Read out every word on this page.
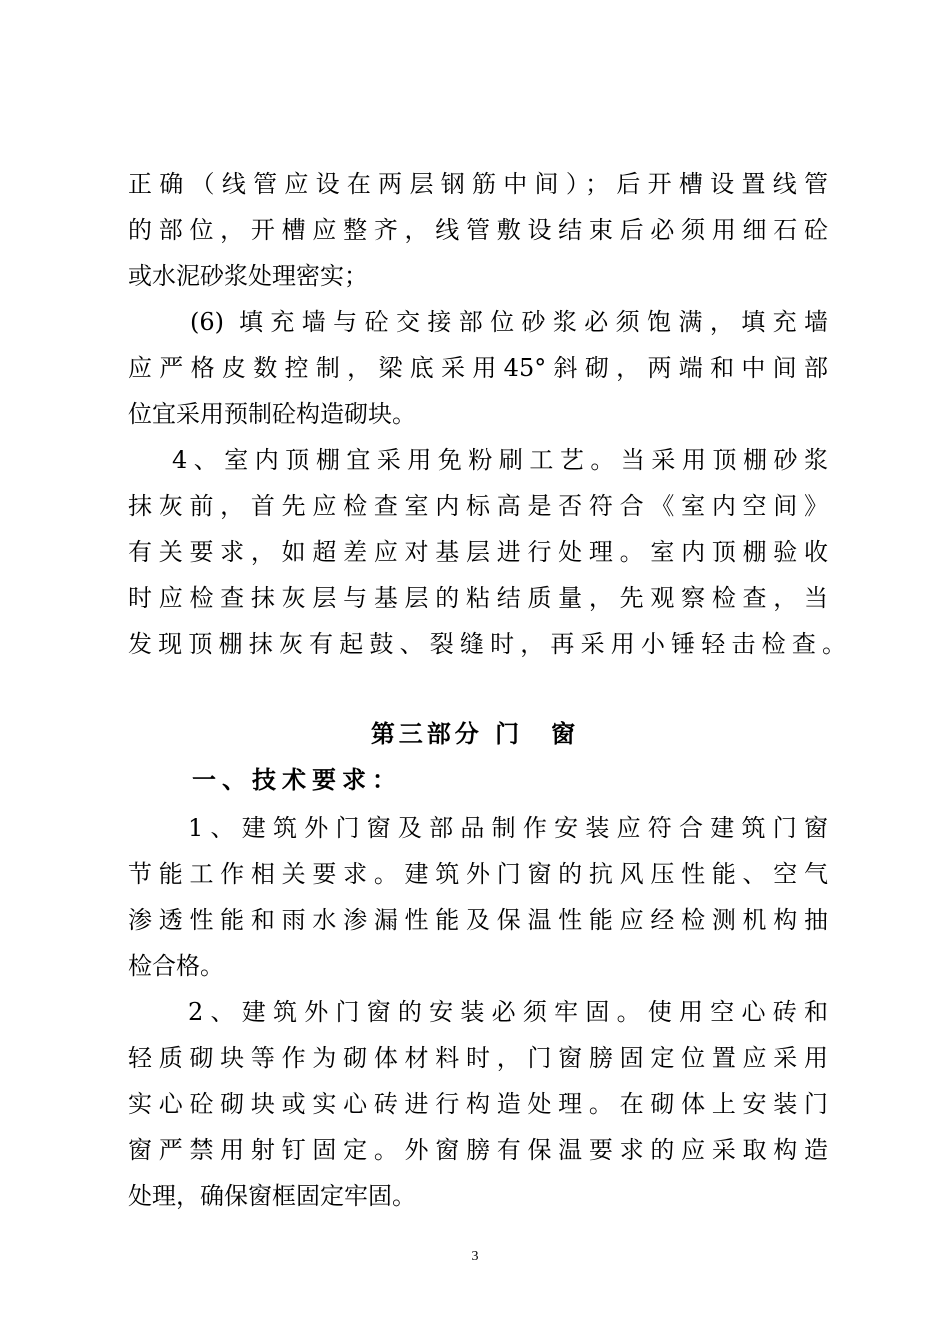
正确（线管应设在两层钢筋中间）；后开槽设置线管
的部位，开槽应整齐，线管敷设结束后必须用细石砼
或水泥砂浆处理密实；
(6) 填充墙与砼交接部位砂浆必须饱满，填充墙
应严格皮数控制，梁底采用45°斜砌，两端和中间部
位宜采用预制砼构造砌块。
4、室内顶棚宜采用免粉刷工艺。当采用顶棚砂浆
抹灰前，首先应检查室内标高是否符合《室内空间》
有关要求，如超差应对基层进行处理。室内顶棚验收
时应检查抹灰层与基层的粘结质量，先观察检查，当
发现顶棚抹灰有起鼓、裂缝时，再采用小锤轻击检查。
第三部分 门　窗
一、技术要求：
1、建筑外门窗及部品制作安装应符合建筑门窗
节能工作相关要求。建筑外门窗的抗风压性能、空气
渗透性能和雨水渗漏性能及保温性能应经检测机构抽
检合格。
2、建筑外门窗的安装必须牢固。使用空心砖和
轻质砌块等作为砌体材料时，门窗膀固定位置应采用
实心砼砌块或实心砖进行构造处理。在砌体上安装门
窗严禁用射钉固定。外窗膀有保温要求的应采取构造
处理，确保窗框固定牢固。
3
